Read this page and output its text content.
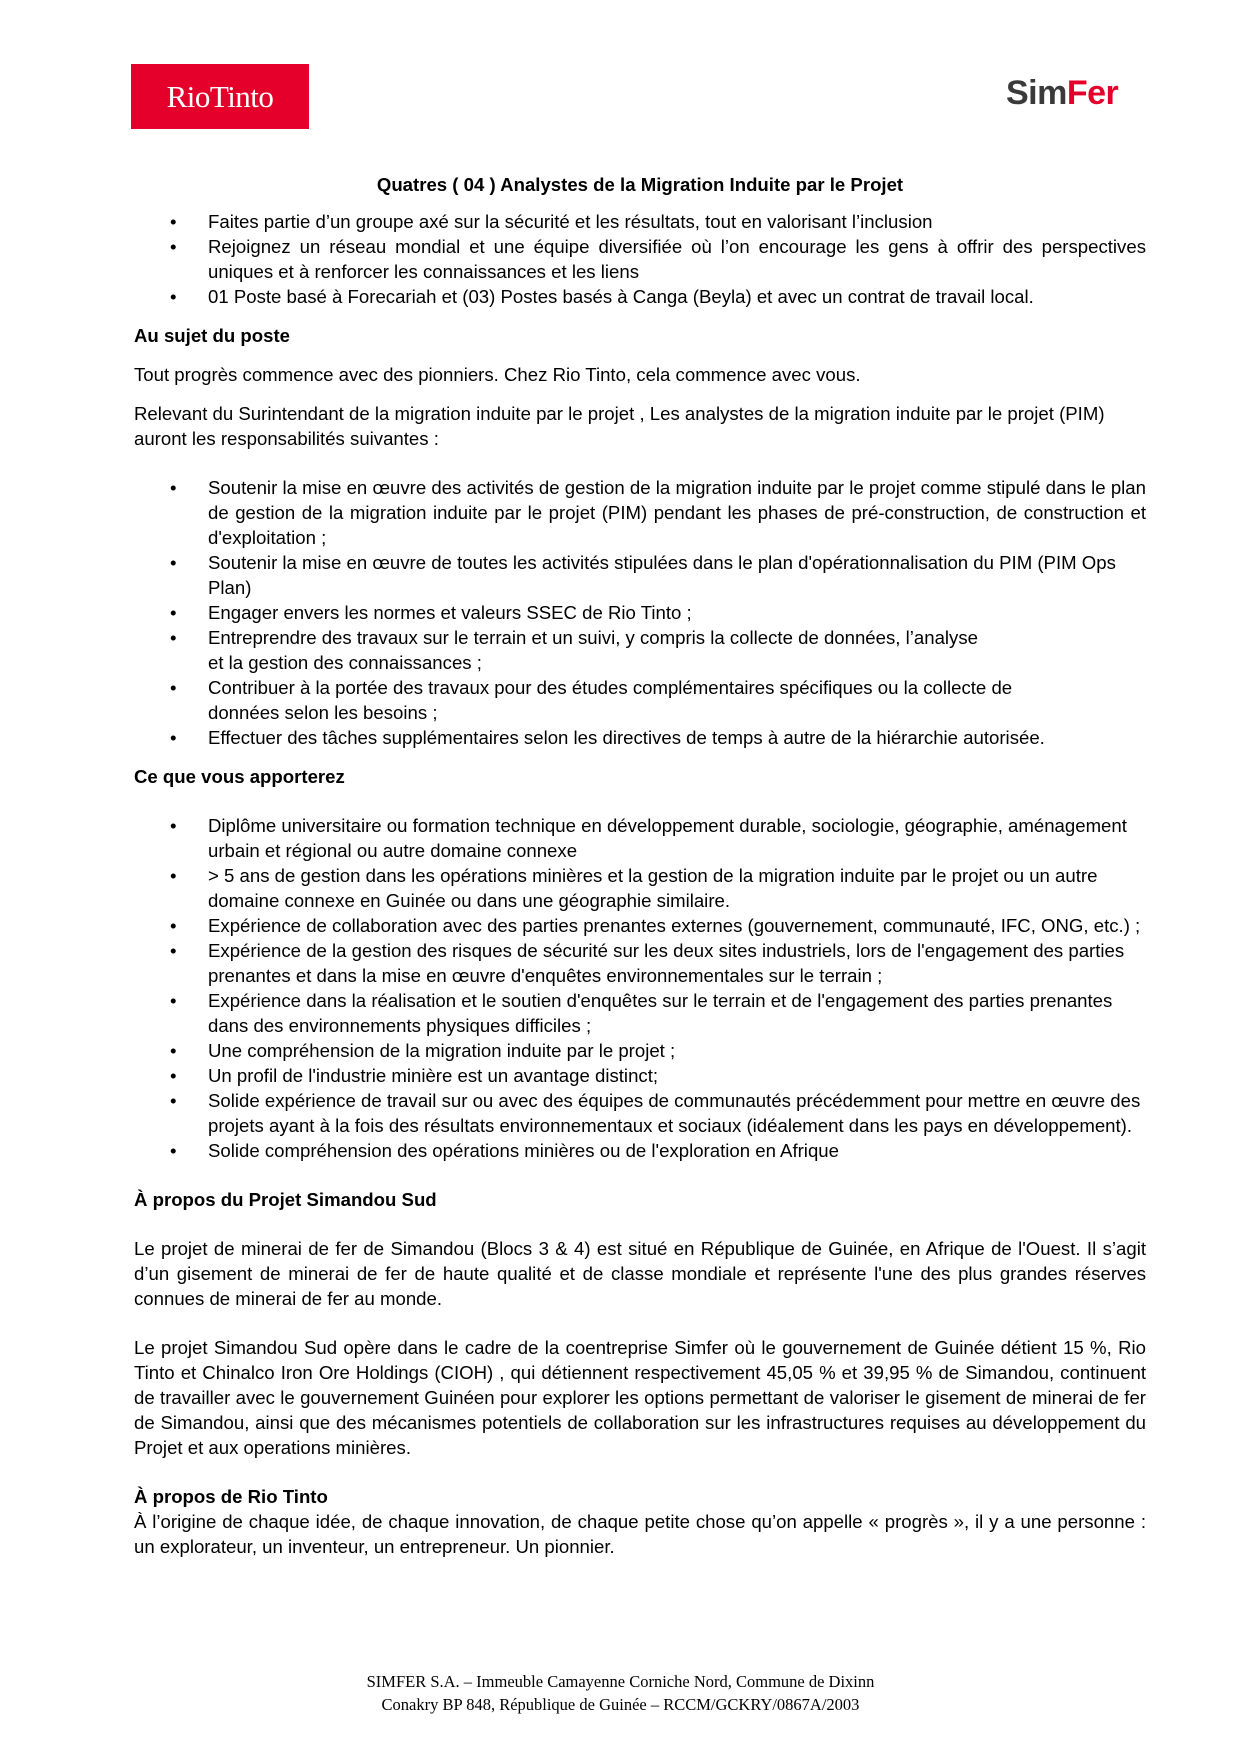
RioTinto	SimFer

Quatres ( 04 ) Analystes de la Migration Induite par le Projet

• Faites partie d’un groupe axé sur la sécurité et les résultats, tout en valorisant l’inclusion
• Rejoignez un réseau mondial et une équipe diversifiée où l’on encourage les gens à offrir des perspectives uniques et à renforcer les connaissances et les liens
• 01 Poste basé à Forecariah et (03) Postes basés à Canga (Beyla) et avec un contrat de travail local.
Au sujet du poste

Tout progrès commence avec des pionniers. Chez Rio Tinto, cela commence avec vous.

Relevant du Surintendant de la migration induite par le projet , Les analystes de la migration induite par le projet (PIM) auront les responsabilités suivantes :

• Soutenir la mise en œuvre des activités de gestion de la migration induite par le projet comme stipulé dans le plan de gestion de la migration induite par le projet (PIM) pendant les phases de pré-construction, de construction et d'exploitation ;
• Soutenir la mise en œuvre de toutes les activités stipulées dans le plan d'opérationnalisation du PIM (PIM Ops Plan)
• Engager envers les normes et valeurs SSEC de Rio Tinto ;
• Entreprendre des travaux sur le terrain et un suivi, y compris la collecte de données, l’analyse et la gestion des connaissances ;
• Contribuer à la portée des travaux pour des études complémentaires spécifiques ou la collecte de données selon les besoins ;
• Effectuer des tâches supplémentaires selon les directives de temps à autre de la hiérarchie autorisée.
Ce que vous apporterez
• Diplôme universitaire ou formation technique en développement durable, sociologie, géographie, aménagement urbain et régional ou autre domaine connexe
• > 5 ans de gestion dans les opérations minières et la gestion de la migration induite par le projet ou un autre domaine connexe en Guinée ou dans une géographie similaire.
• Expérience de collaboration avec des parties prenantes externes (gouvernement, communauté, IFC, ONG, etc.) ;
• Expérience de la gestion des risques de sécurité sur les deux sites industriels, lors de l'engagement des parties prenantes et dans la mise en œuvre d'enquêtes environnementales sur le terrain ;
• Expérience dans la réalisation et le soutien d'enquêtes sur le terrain et de l'engagement des parties prenantes dans des environnements physiques difficiles ;
• Une compréhension de la migration induite par le projet ;
• Un profil de l'industrie minière est un avantage distinct;
• Solide expérience de travail sur ou avec des équipes de communautés précédemment pour mettre en œuvre des projets ayant à la fois des résultats environnementaux et sociaux (idéalement dans les pays en développement).
• Solide compréhension des opérations minières ou de l'exploration en Afrique
À propos du Projet Simandou Sud

Le projet de minerai de fer de Simandou (Blocs 3 & 4) est situé en République de Guinée, en Afrique de l'Ouest. Il s’agit d’un gisement de minerai de fer de haute qualité et de classe mondiale et représente l'une des plus grandes réserves connues de minerai de fer au monde.

Le projet Simandou Sud opère dans le cadre de la coentreprise Simfer où le gouvernement de Guinée détient 15 %, Rio Tinto et Chinalco Iron Ore Holdings (CIOH) , qui détiennent respectivement 45,05 % et 39,95 % de Simandou, continuent de travailler avec le gouvernement Guinéen pour explorer les options permettant de valoriser le gisement de minerai de fer de Simandou, ainsi que des mécanismes potentiels de collaboration sur les infrastructures requises au développement du Projet et aux operations minières.

À propos de Rio Tinto

À l’origine de chaque idée, de chaque innovation, de chaque petite chose qu’on appelle « progrès », il y a une personne : un explorateur, un inventeur, un entrepreneur. Un pionnier.

SIMFER S.A. – Immeuble Camayenne Corniche Nord, Commune de Dixinn
Conakry BP 848, République de Guinée – RCCM/GCKRY/0867A/2003
